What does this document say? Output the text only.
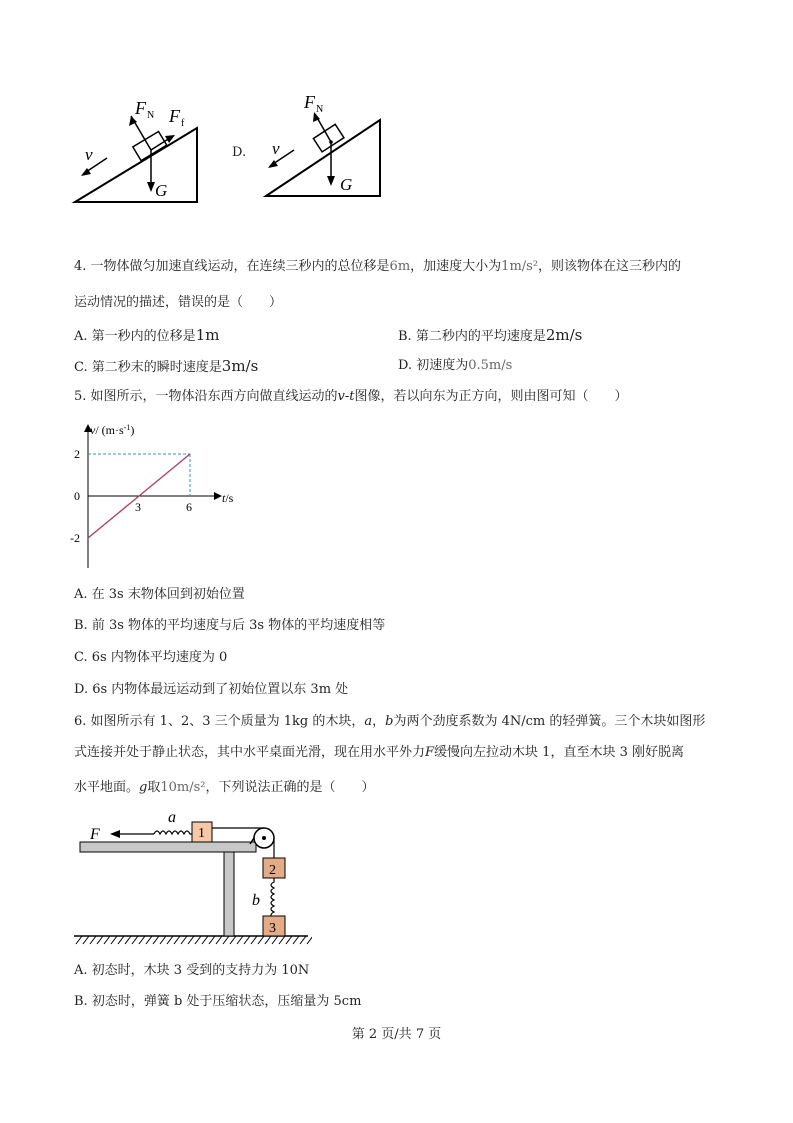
F N F f
v
G
D.
F N
v
G
4. 一物体做匀加速直线运动，在连续三秒内的总位移是6m，加速度大小为1m/s²，则该物体在这三秒内的
运动情况的描述，错误的是（　　）
A. 第一秒内的位移是1m	B. 第二秒内的平均速度是2m/s
C. 第二秒末的瞬时速度是3m/s	D. 初速度为0.5m/s
5. 如图所示，一物体沿东西方向做直线运动的v-t图像，若以向东为正方向，则由图可知（　　）
v/ $(m\cdot s^{-1})$
t/s
2
0
-2
3	6
A. 在 3s 末物体回到初始位置
B. 前 3s 物体的平均速度与后 3s 物体的平均速度相等
C. 6s 内物体平均速度为 0
D. 6s 内物体最远运动到了初始位置以东 3m 处
6. 如图所示有 1、2、3 三个质量为 1kg 的木块，a，b为两个劲度系数为 4N/cm 的轻弹簧。三个木块如图形
式连接并处于静止状态，其中水平桌面光滑，现在用水平外力F缓慢向左拉动木块 1，直至木块 3 刚好脱离
水平地面。g取10m/s²，下列说法正确的是（　　）
1
F
a
2
b
3
A. 初态时，木块 3 受到的支持力为 10N
B. 初态时，弹簧 b 处于压缩状态，压缩量为 5cm
第 2 页/共 7 页
